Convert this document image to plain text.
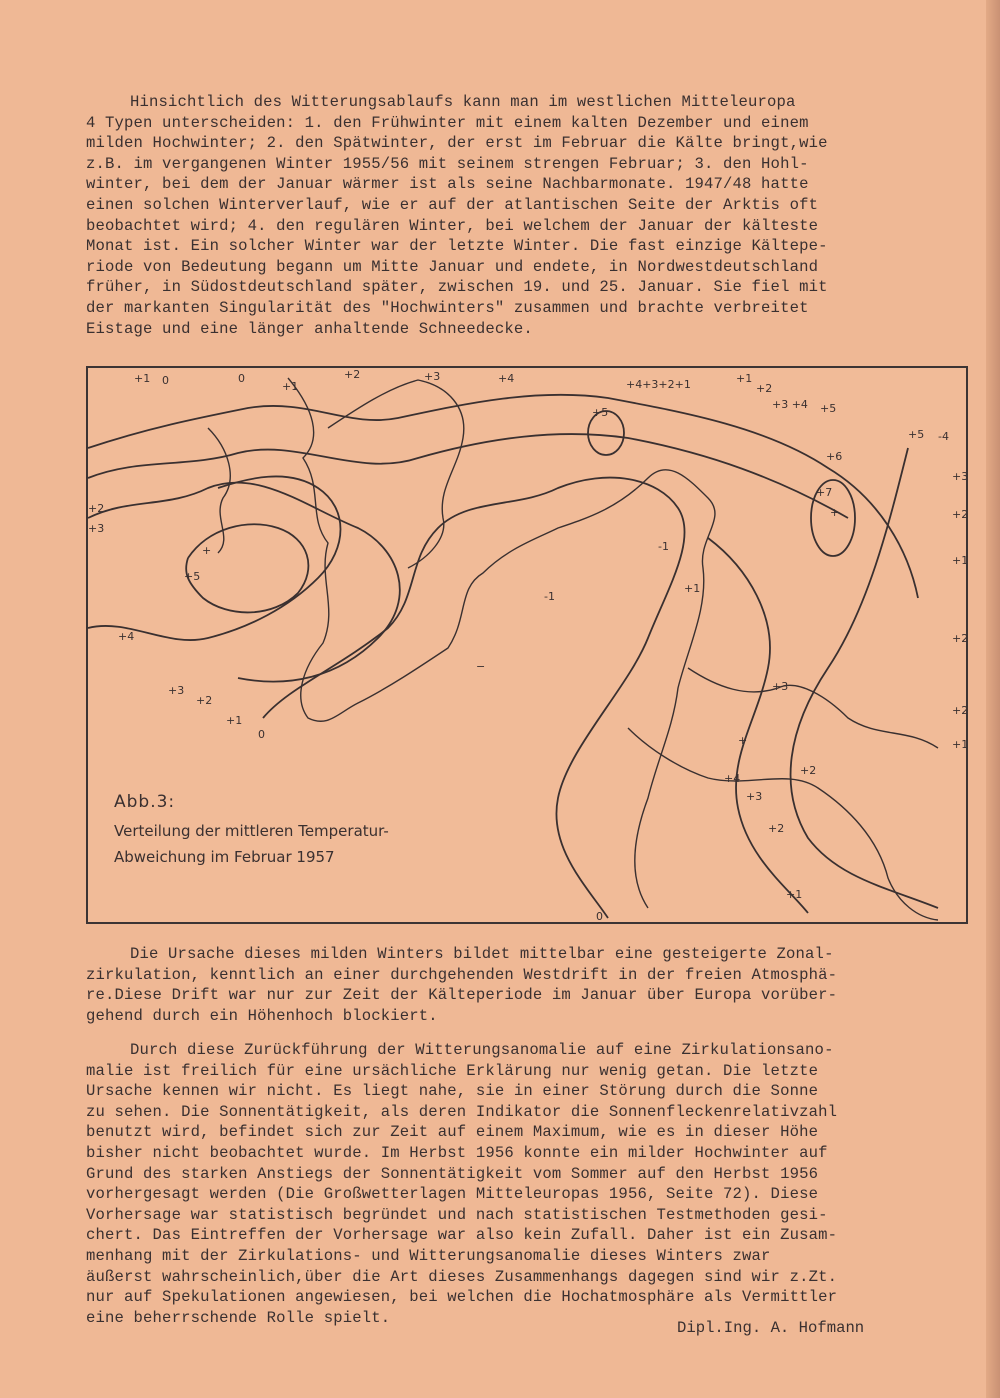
Hinsichtlich des Witterungsablaufs kann man im westlichen Mitteleuropa
4 Typen unterscheiden: 1. den Frühwinter mit einem kalten Dezember und einem
milden Hochwinter; 2. den Spätwinter, der erst im Februar die Kälte bringt,wie
z.B. im vergangenen Winter 1955/56 mit seinem strengen Februar; 3. den Hohl-
winter, bei dem der Januar wärmer ist als seine Nachbarmonate. 1947/48 hatte
einen solchen Winterverlauf, wie er auf der atlantischen Seite der Arktis oft
beobachtet wird; 4. den regulären Winter, bei welchem der Januar der kälteste
Monat ist. Ein solcher Winter war der letzte Winter. Die fast einzige Kältepe-
riode von Bedeutung begann um Mitte Januar und endete, in Nordwestdeutschland
früher, in Südostdeutschland später, zwischen 19. und 25. Januar. Sie fiel mit
der markanten Singularität des "Hochwinters" zusammen und brachte verbreitet
Eistage und eine länger anhaltende Schneedecke.
+1 0	0
+1
+2	+3	+4	+4+3+2+1	+1
+2
+3 +4 +5
+5
+5 -4
+6
+7
+3
+2
+1
+2
+2
+1
+2
+3
+5
+4
+3
+2
+1
0
-1
-1
+1
+3
+2
+4
+3
+2
+1
0
−
+
+
+
Abb.3:
Verteilung der mittleren Temperatur-
Abweichung im Februar 1957
Die Ursache dieses milden Winters bildet mittelbar eine gesteigerte Zonal-
zirkulation, kenntlich an einer durchgehenden Westdrift in der freien Atmosphä-
re.Diese Drift war nur zur Zeit der Kälteperiode im Januar über Europa vorüber-
gehend durch ein Höhenhoch blockiert.
Durch diese Zurückführung der Witterungsanomalie auf eine Zirkulationsano-
malie ist freilich für eine ursächliche Erklärung nur wenig getan. Die letzte
Ursache kennen wir nicht. Es liegt nahe, sie in einer Störung durch die Sonne
zu sehen. Die Sonnentätigkeit, als deren Indikator die Sonnenfleckenrelativzahl
benutzt wird, befindet sich zur Zeit auf einem Maximum, wie es in dieser Höhe
bisher nicht beobachtet wurde. Im Herbst 1956 konnte ein milder Hochwinter auf
Grund des starken Anstiegs der Sonnentätigkeit vom Sommer auf den Herbst 1956
vorhergesagt werden (Die Großwetterlagen Mitteleuropas 1956, Seite 72). Diese
Vorhersage war statistisch begründet und nach statistischen Testmethoden gesi-
chert. Das Eintreffen der Vorhersage war also kein Zufall. Daher ist ein Zusam-
menhang mit der Zirkulations- und Witterungsanomalie dieses Winters zwar
äußerst wahrscheinlich,über die Art dieses Zusammenhangs dagegen sind wir z.Zt.
nur auf Spekulationen angewiesen, bei welchen die Hochatmosphäre als Vermittler
eine beherrschende Rolle spielt.
Dipl.Ing. A. Hofmann
